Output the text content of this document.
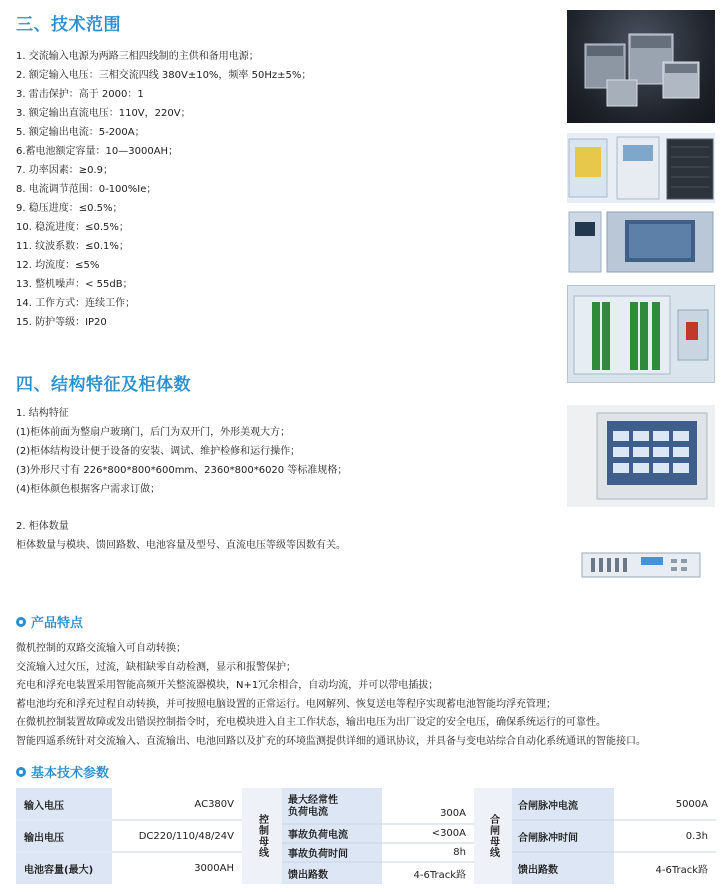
三、技术范围
1. 交流输入电源为两路三相四线制的主供和备用电源；
2. 额定输入电压：三相交流四线 380V±10%，频率 50Hz±5%；
3. 雷击保护：高于 2000：1
3. 额定输出直流电压：110V，220V；
5. 额定输出电流：5-200A；
6.蓄电池额定容量：10—3000AH；
7. 功率因素：≥0.9；
8. 电流调节范围：0-100%Ie；
9. 稳压进度：≤0.5%；
10. 稳流进度：≤0.5%；
11. 纹波系数：≤0.1%；
12. 均流度：≤5%
13. 整机噪声：< 55dB；
14. 工作方式：连续工作；
15. 防护等级：IP20
四、结构特征及柜体数
1. 结构特征
(1)柜体前面为整扇户玻璃门，后门为双开门，外形美观大方；
(2)柜体结构设计便于设备的安装、调试、维护检修和运行操作；
(3)外形尺寸有 226*800*800*600mm、2360*800*6020 等标准规格；
(4)柜体颜色根据客户需求订做；
2. 柜体数量
柜体数量与模块、馈回路数、电池容量及型号、直流电压等级等因数有关。
产品特点
微机控制的双路交流输入可自动转换；
交流输入过欠压，过流，缺相缺零自动检测，显示和报警保护；
充电和浮充电装置采用智能高频开关整流器模块，N+1冗余相合，自动均流，并可以带电插拔；
蓄电池均充和浮充过程自动转换，并可按照电脑设置的正常运行。电网解列、恢复送电等程序实现蓄电池智能均浮充管理；
在微机控制装置故障或发出错误控制指令时，充电模块进入自主工作状态，输出电压为出厂设定的安全电压，确保系统运行的可靠性。
智能四遥系统针对交流输入、直流输出、电池回路以及扩充的环境监测提供详细的通讯协议，并具备与变电站综合自动化系统通讯的智能接口。
基本技术参数
输入电压	AC380V
输出电压	DC220/110/48/24V
电池容量(最大)	3000AH
控制母线
最大经常性
负荷电流	300A
事故负荷电流	<300A
事故负荷时间	8h
馈出路数	4-6Track路
合闸母线
合闸脉冲电流	5000A
合闸脉冲时间	0.3h
馈出路数	4-6Track路
